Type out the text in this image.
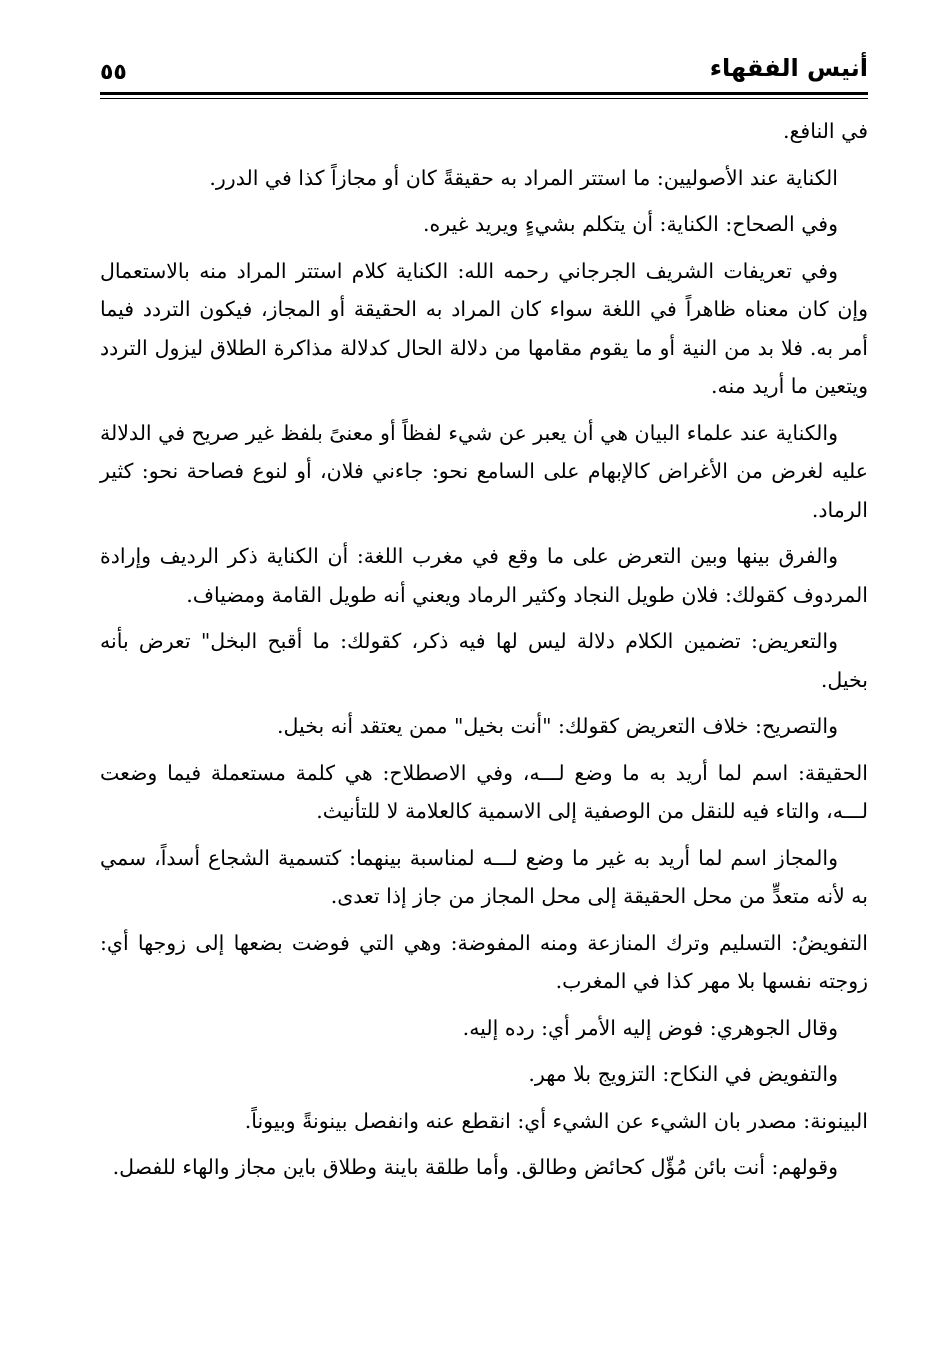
أنيس الفقهاء
٥٥

في النافع.

الكناية عند الأصوليين: ما استتر المراد به حقيقةً كان أو مجازاً كذا في الدرر.

وفي الصحاح: الكناية: أن يتكلم بشيءٍ ويريد غيره.

وفي تعريفات الشريف الجرجاني رحمه الله: الكناية كلام استتر المراد منه بالاستعمال وإن كان معناه ظاهراً في اللغة سواء كان المراد به الحقيقة أو المجاز، فيكون التردد فيما أمر به. فلا بد من النية أو ما يقوم مقامها من دلالة الحال كدلالة مذاكرة الطلاق ليزول التردد ويتعين ما أريد منه.

والكناية عند علماء البيان هي أن يعبر عن شيء لفظاً أو معنىً بلفظ غير صريح في الدلالة عليه لغرض من الأغراض كالإبهام على السامع نحو: جاءني فلان، أو لنوع فصاحة نحو: كثير الرماد.

والفرق بينها وبين التعرض على ما وقع في مغرب اللغة: أن الكناية ذكر الرديف وإرادة المردوف كقولك: فلان طويل النجاد وكثير الرماد ويعني أنه طويل القامة ومضياف.

والتعريض: تضمين الكلام دلالة ليس لها فيه ذكر، كقولك: ما أقبح البخل" تعرض بأنه بخيل.

والتصريح: خلاف التعريض كقولك: "أنت بخيل" ممن يعتقد أنه بخيل.

الحقيقة: اسم لما أريد به ما وضع لـــه، وفي الاصطلاح: هي كلمة مستعملة فيما وضعت لـــه، والتاء فيه للنقل من الوصفية إلى الاسمية كالعلامة لا للتأنيث.

والمجاز اسم لما أريد به غير ما وضع لـــه لمناسبة بينهما: كتسمية الشجاع أسداً، سمي به لأنه متعدٍّ من محل الحقيقة إلى محل المجاز من جاز إذا تعدى.

التفويضُ: التسليم وترك المنازعة ومنه المفوضة: وهي التي فوضت بضعها إلى زوجها أي: زوجته نفسها بلا مهر كذا في المغرب.

وقال الجوهري: فوض إليه الأمر أي: رده إليه.

والتفويض في النكاح: التزويج بلا مهر.

البينونة: مصدر بان الشيء عن الشيء أي: انقطع عنه وانفصل بينونةً وبيوناً.

وقولهم: أنت بائن مُؤّل كحائض وطالق. وأما طلقة باينة وطلاق باين مجاز والهاء للفصل.
